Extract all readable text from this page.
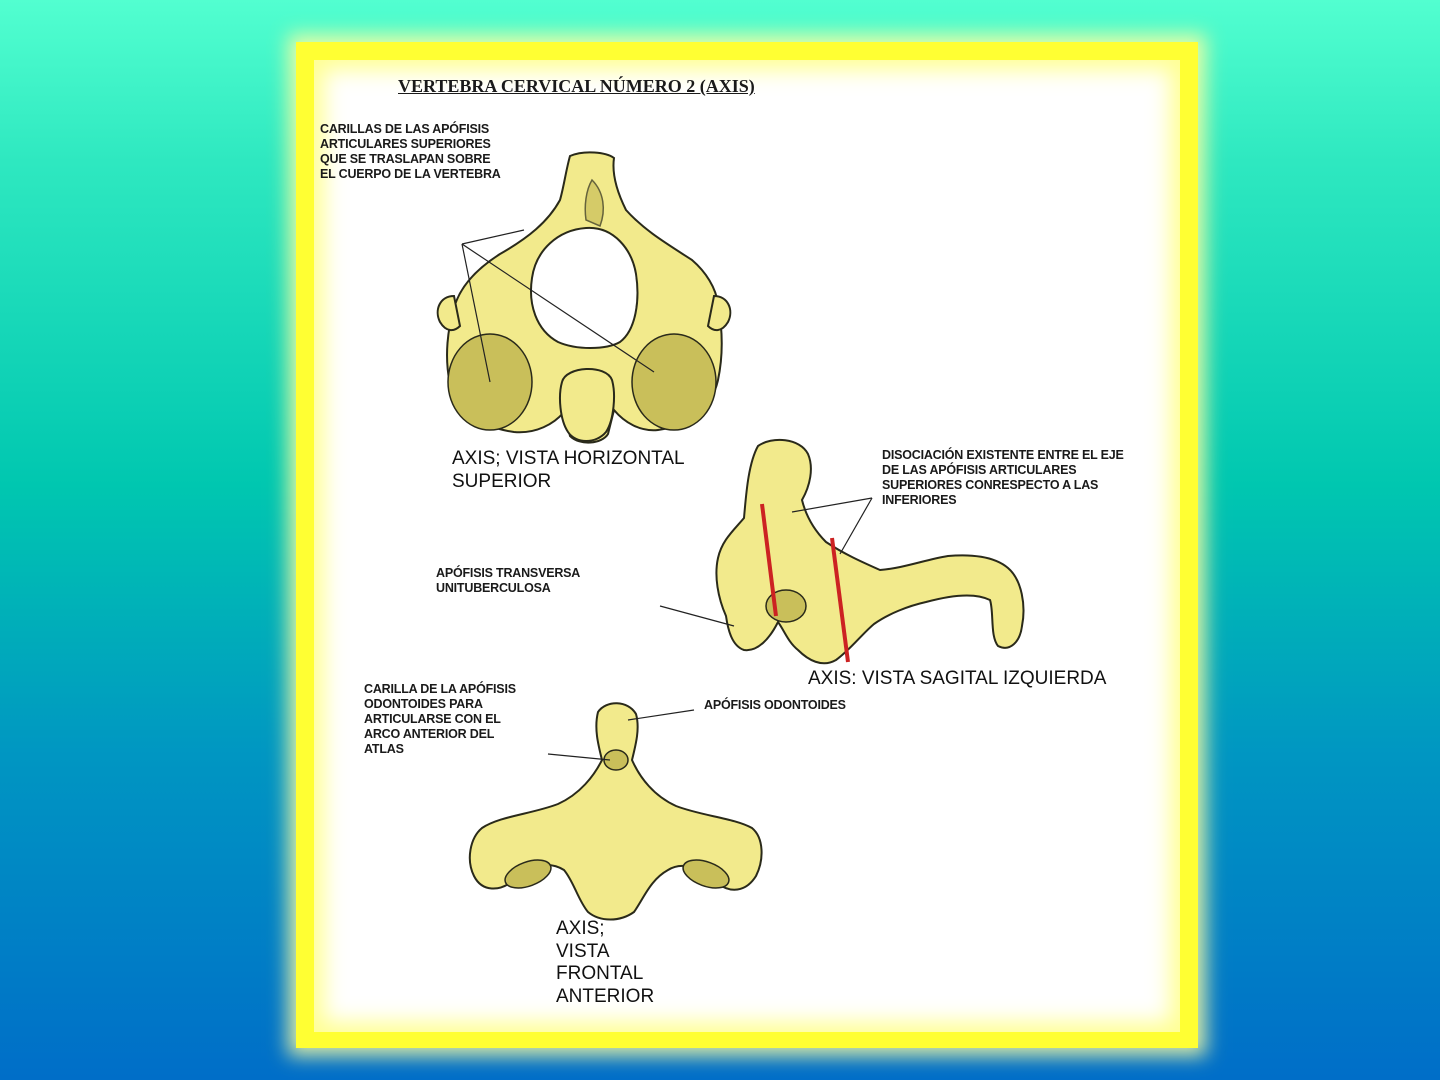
VERTEBRA CERVICAL NÚMERO 2 (AXIS)

CARILLAS DE LAS APÓFISIS
ARTICULARES SUPERIORES
QUE SE TRASLAPAN SOBRE
EL CUERPO DE LA VERTEBRA
AXIS; VISTA HORIZONTAL
SUPERIOR
DISOCIACIÓN EXISTENTE ENTRE EL EJE
DE LAS APÓFISIS ARTICULARES
SUPERIORES CONRESPECTO A LAS
INFERIORES
APÓFISIS TRANSVERSA
UNITUBERCULOSA
AXIS: VISTA SAGITAL IZQUIERDA
CARILLA DE LA APÓFISIS
ODONTOIDES PARA
ARTICULARSE CON EL
ARCO ANTERIOR DEL
ATLAS
APÓFISIS ODONTOIDES
AXIS;
VISTA
FRONTAL
ANTERIOR
